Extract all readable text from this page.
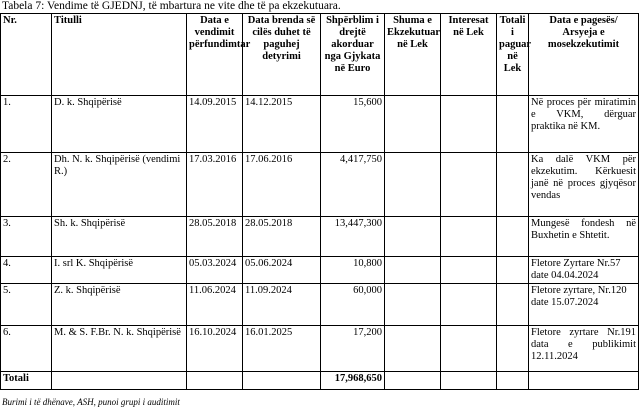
Tabela 7: Vendime të GJEDNJ, të mbartura ne vite dhe të pa ekzekutuara.
Nr.	Titulli	Data e vendimit përfundimtar	Data brenda së cilës duhet të paguhej detyrimi	Shpërblim i drejtë akorduar nga Gjykata në Euro	Shuma e Ekzekutuar në Lek	Interesat në Lek	Totali i paguar në Lek	Data e pagesës/ Arsyeja e mosekzekutimit
1.	D. k. Shqipërisë	14.09.2015	14.12.2015	15,600				Në proces për miratimin e VKM, dërguar praktika në KM.
2.	Dh. N. k. Shqipërisë (vendimi R.)	17.03.2016	17.06.2016	4,417,750				Ka dalë VKM për ekzekutim. Kërkuesit janë në proces gjyqësor vendas
3.	Sh. k. Shqipërisë	28.05.2018	28.05.2018	13,447,300				Mungesë fondesh në Buxhetin e Shtetit.
4.	I. srl K. Shqipërisë	05.03.2024	05.06.2024	10,800				Fletore Zyrtare Nr.57 date 04.04.2024
5.	Z. k. Shqipërisë	11.06.2024	11.09.2024	60,000				Fletore zyrtare, Nr.120 date 15.07.2024
6.	M. & S. F.Br. N. k. Shqipërisë	16.10.2024	16.01.2025	17,200				Fletore zyrtare Nr.191 data e publikimit 12.11.2024
Totali				17,968,650				
Burimi i të dhënave, ASH, punoi grupi i auditimit
